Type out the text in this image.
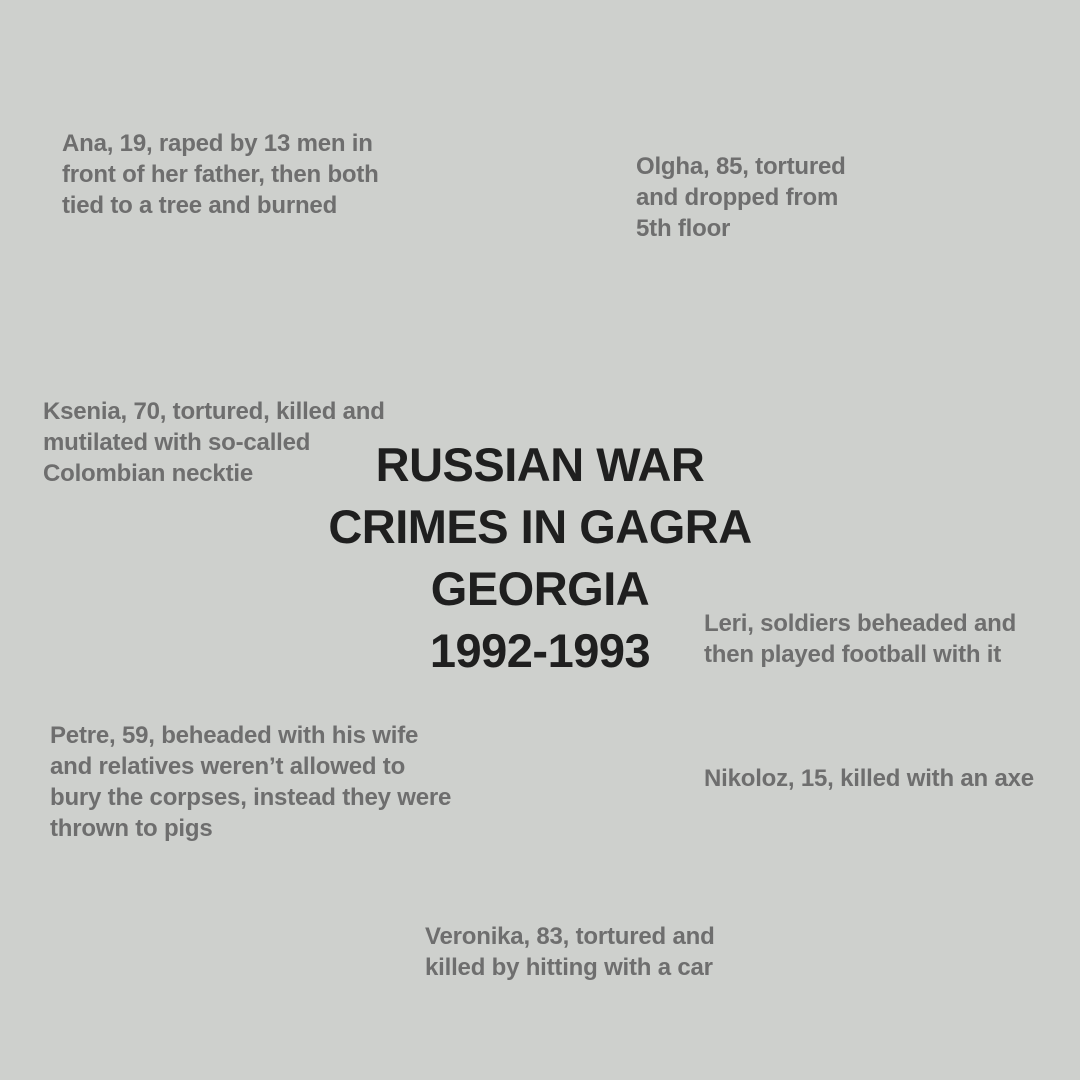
Ana, 19, raped by 13 men in
front of her father, then both
tied to a tree and burned

Olgha, 85, tortured
and dropped from
5th floor

Ksenia, 70, tortured, killed and
mutilated with so-called
Colombian necktie	RUSSIAN WAR
CRIMES IN GAGRA
GEORGIA
1992-1993

Leri, soldiers beheaded and
then played football with it

Petre, 59, beheaded with his wife
and relatives weren’t allowed to
bury the corpses, instead they were
thrown to pigs

Nikoloz, 15, killed with an axe

Veronika, 83, tortured and
killed by hitting with a car
